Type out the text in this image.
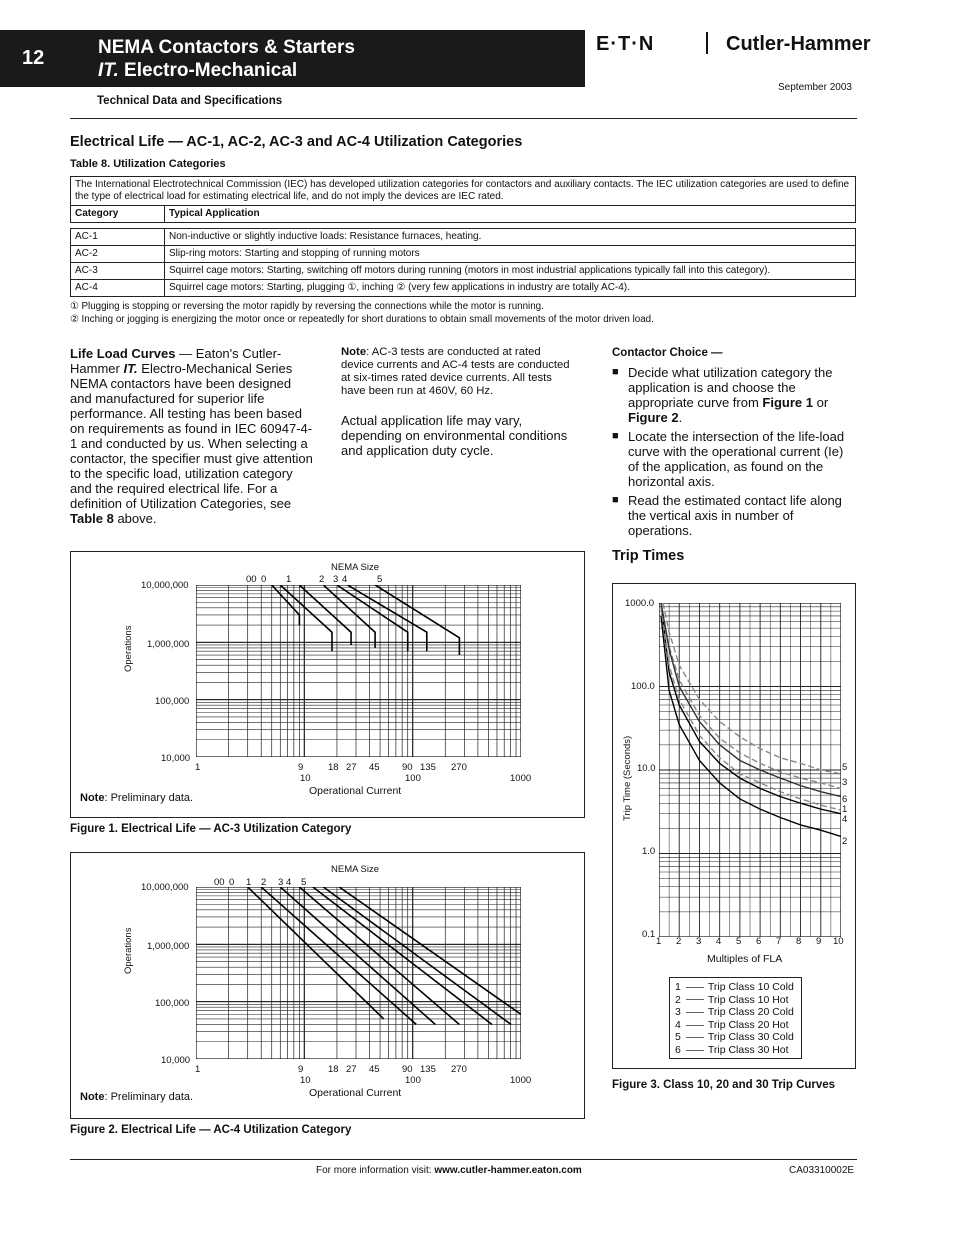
12	NEMA Contactors & Starters
IT. Electro-Mechanical
E·T·N	Cutler-Hammer
September 2003
Technical Data and Specifications
Electrical Life — AC-1, AC-2, AC-3 and AC-4 Utilization Categories
Table 8. Utilization Categories
The International Electrotechnical Commission (IEC) has developed utilization categories for contactors and auxiliary contacts. The IEC utilization categories are used to define the type of electrical load for estimating electrical life, and do not imply the devices are IEC rated.	
Category	Typical Application

AC-1	Non-inductive or slightly inductive loads: Resistance furnaces, heating.
AC-2	Slip-ring motors: Starting and stopping of running motors
AC-3	Squirrel cage motors: Starting, switching off motors during running (motors in most industrial applications typically fall into this category).
AC-4	Squirrel cage motors: Starting, plugging ①, inching ② (very few applications in industry are totally AC-4).
① Plugging is stopping or reversing the motor rapidly by reversing the connections while the motor is running.
② Inching or jogging is energizing the motor once or repeatedly for short durations to obtain small movements of the motor driven load.
Life Load Curves — Eaton's Cutler-Hammer IT. Electro-Mechanical Series NEMA contactors have been designed and manufactured for superior life performance. All testing has been based on requirements as found in IEC 60947-4-1 and conducted by us. When selecting a contactor, the specifier must give attention to the specific load, utilization category and the required electrical life. For a definition of Utilization Categories, see Table 8 above.
Note: AC-3 tests are conducted at rated device currents and AC-4 tests are conducted at six-times rated device currents. All tests have been run at 460V, 60 Hz.
Actual application life may vary, depending on environmental conditions and application duty cycle.
Contactor Choice —
■ Decide what utilization category the application is and choose the appropriate curve from Figure 1 or Figure 2.
■ Locate the intersection of the life-load curve with the operational current (Ie) of the application, as found on the horizontal axis.
■ Read the estimated contact life along the vertical axis in number of operations.
Trip Times
NEMA Size
00 0 1	2 3 4	5
10,000,000
1,000,000
100,000
10,000
Operations
1	9	18 27 45 90 135 270
10	100	1000
Operational Current
Note: Preliminary data.
Figure 1. Electrical Life — AC-3 Utilization Category
NEMA Size
00 0 1 2 3 4 5
10,000,000
1,000,000
100,000
10,000
Operations
1	9	18 27 45 90 135 270
10	100	1000
Operational Current
Note: Preliminary data.
Figure 2. Electrical Life — AC-4 Utilization Category
1000.0
100.0
10.0
1.0
0.1
Trip Time (Seconds)
1 2 3 4 5 6 7 8 9 10
Multiples of FLA
5
3
6
1
4
2
1	Trip Class 10 Cold
2	Trip Class 10 Hot
3	Trip Class 20 Cold
4	Trip Class 20 Hot
5	Trip Class 30 Cold
6	Trip Class 30 Hot
Figure 3. Class 10, 20 and 30 Trip Curves
For more information visit: www.cutler-hammer.eaton.com	CA03310002E
